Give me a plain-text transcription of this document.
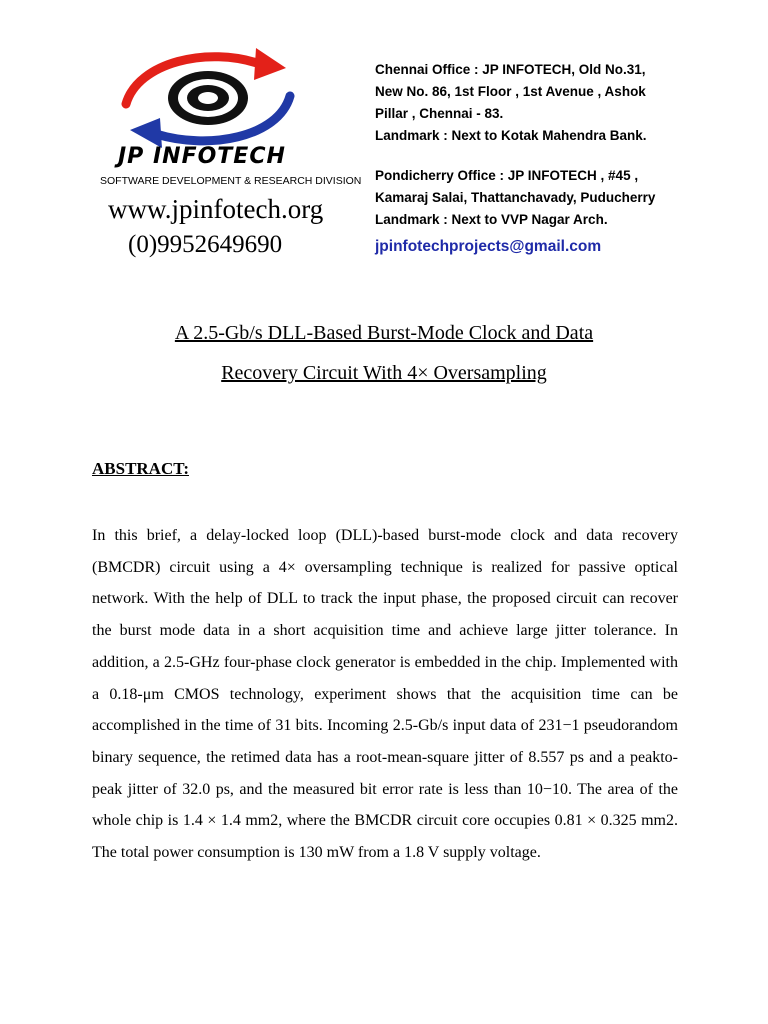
JP INFOTECH
SOFTWARE DEVELOPMENT & RESEARCH DIVISION
www.jpinfotech.org
(0)9952649690
Chennai Office : JP INFOTECH, Old No.31,
New No. 86, 1st Floor , 1st Avenue , Ashok
Pillar , Chennai - 83.
Landmark : Next to Kotak Mahendra Bank.
Pondicherry Office : JP INFOTECH , #45 ,
Kamaraj Salai, Thattanchavady, Puducherry
Landmark : Next to VVP Nagar Arch.
jpinfotechprojects@gmail.com
A 2.5-Gb/s DLL-Based Burst-Mode Clock and Data
Recovery Circuit With 4× Oversampling
ABSTRACT:
In this brief, a delay-locked loop (DLL)-based burst-mode clock and data recovery (BMCDR) circuit using a 4× oversampling technique is realized for passive optical network. With the help of DLL to track the input phase, the proposed circuit can recover the burst mode data in a short acquisition time and achieve large jitter tolerance. In addition, a 2.5-GHz four-phase clock generator is embedded in the chip. Implemented with a 0.18-μm CMOS technology, experiment shows that the acquisition time can be accomplished in the time of 31 bits. Incoming 2.5-Gb/s input data of 231−1 pseudorandom binary sequence, the retimed data has a root-mean-square jitter of 8.557 ps and a peakto- peak jitter of 32.0 ps, and the measured bit error rate is less than 10−10. The area of the whole chip is 1.4 × 1.4 mm2, where the BMCDR circuit core occupies 0.81 × 0.325 mm2. The total power consumption is 130 mW from a 1.8 V supply voltage.
